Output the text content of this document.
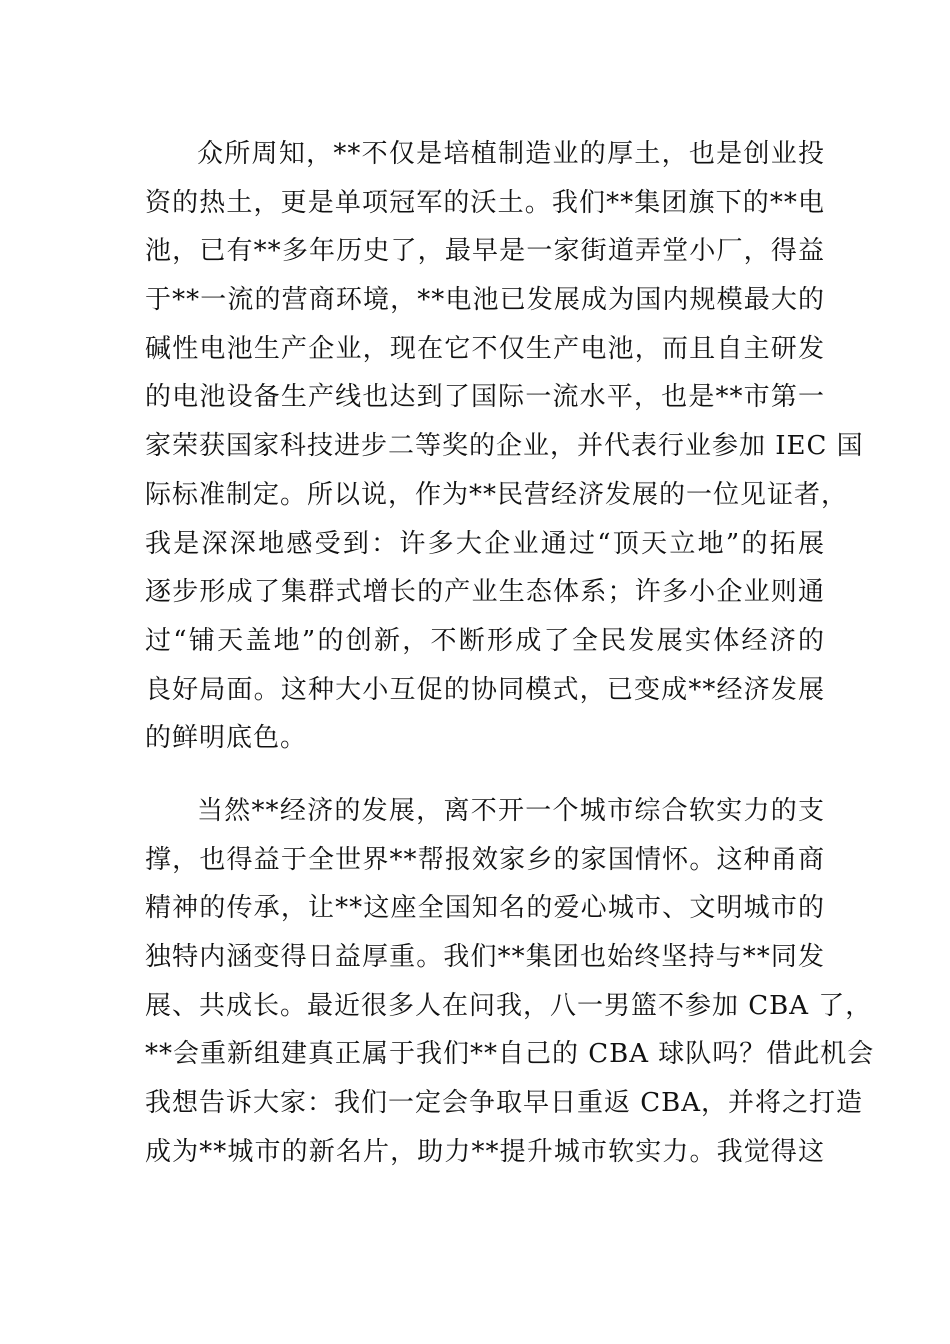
众所周知，**不仅是培植制造业的厚土，也是创业投
资的热土，更是单项冠军的沃土。我们**集团旗下的**电
池，已有**多年历史了，最早是一家街道弄堂小厂，得益
于**一流的营商环境，**电池已发展成为国内规模最大的
碱性电池生产企业，现在它不仅生产电池，而且自主研发
的电池设备生产线也达到了国际一流水平，也是**市第一
家荣获国家科技进步二等奖的企业，并代表行业参加 IEC 国
际标准制定。所以说，作为**民营经济发展的一位见证者，
我是深深地感受到：许多大企业通过“顶天立地”的拓展
逐步形成了集群式增长的产业生态体系；许多小企业则通
过“铺天盖地”的创新，不断形成了全民发展实体经济的
良好局面。这种大小互促的协同模式，已变成**经济发展
的鲜明底色。

当然**经济的发展，离不开一个城市综合软实力的支
撑，也得益于全世界**帮报效家乡的家国情怀。这种甬商
精神的传承，让**这座全国知名的爱心城市、文明城市的
独特内涵变得日益厚重。我们**集团也始终坚持与**同发
展、共成长。最近很多人在问我，八一男篮不参加 CBA 了，
**会重新组建真正属于我们**自己的 CBA 球队吗？借此机会
我想告诉大家：我们一定会争取早日重返 CBA，并将之打造
成为**城市的新名片，助力**提升城市软实力。我觉得这
